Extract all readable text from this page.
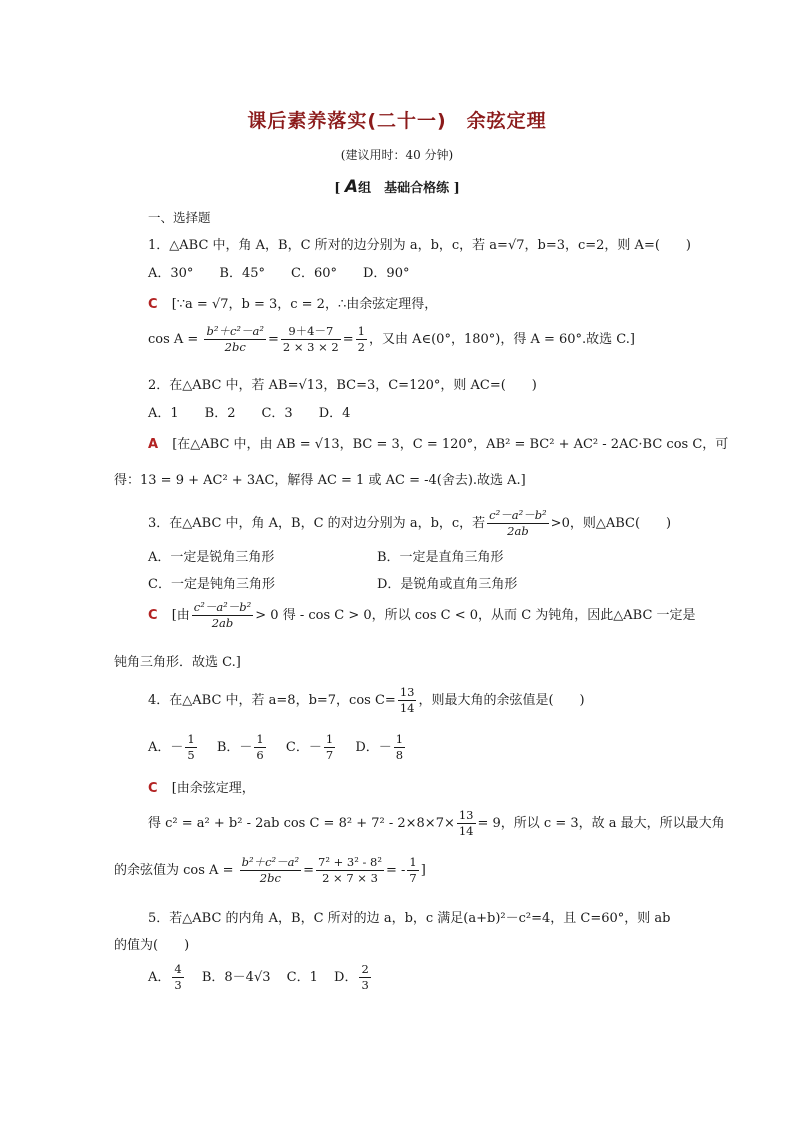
课后素养落实(二十一)　余弦定理
(建议用时：40 分钟)
[ A组　基础合格练 ]
一、选择题
1．△ABC 中，角 A，B，C 所对的边分别为 a，b，c，若 a=√7，b=3，c=2，则 A=(　　)
A．30°　　B．45°　　C．60°　　D．90°
C [∵a = √7，b = 3，c = 2，∴由余弦定理得，
$\cos A = \frac{\text{b²＋c²－a²}}{2bc} = \frac{9+4-7}{2 \times 3 \times 2} = \frac{1}{2}$ ，又由 A∈(0°，180°)，得 A = 60°.故选 C.]
2．在△ABC 中，若 AB=√13，BC=3，C=120°，则 AC=(　　)
A．1　　B．2　　C．3　　D．4
A [在△ABC 中，由 AB = √13，BC = 3，C = 120°，AB² = BC² + AC² - 2AC·BC cos C，可
得：13 = 9 + AC² + 3AC，解得 AC = 1 或 AC = -4(舍去).故选 A.]
3．在△ABC 中，角 A，B，C 的对边分别为 a，b，c，若 $\frac{\text{c²－a²－b²}}{2ab} >0$，则△ABC(　　)
A．一定是锐角三角形	B．一定是直角三角形
C．一定是钝角三角形	D．是锐角或直角三角形
C [由 $\frac{\text{c²－a²－b²}}{2ab} > 0$ 得 - cos C > 0，所以 cos C < 0，从而 C 为钝角，因此△ABC 一定是
钝角三角形．故选 C.]
4．在△ABC 中，若 a=8，b=7，$\cos C= \frac{13}{14}$ ，则最大角的余弦值是(　　)
A．－ $\frac{1}{5}$ B．－ $\frac{1}{6}$ C．－ $\frac{1}{7}$ D．－ $\frac{1}{8}$
C [由余弦定理，
得 c² = a² + b² - 2ab $\cos C = 8^2 + 7^2 - 2\times 8\times 7\times \frac{13}{14} = 9$，所以 c = 3，故 a 最大，所以最大角
的余弦值为 $\cos A = \frac{\text{b²＋c²－a²}}{2bc} = \frac{\text{7² + 3² - 8²}}{2 \times 7 \times 3}$ = - $\frac{1}{7}$ ]
5．若△ABC 的内角 A，B，C 所对的边 a，b，c 满足(a+b)²－c²=4，且 C=60°，则 ab
的值为(　　)
A． $\frac{4}{3}$ B．8－4√3 C．1 D． $\frac{2}{3}$
